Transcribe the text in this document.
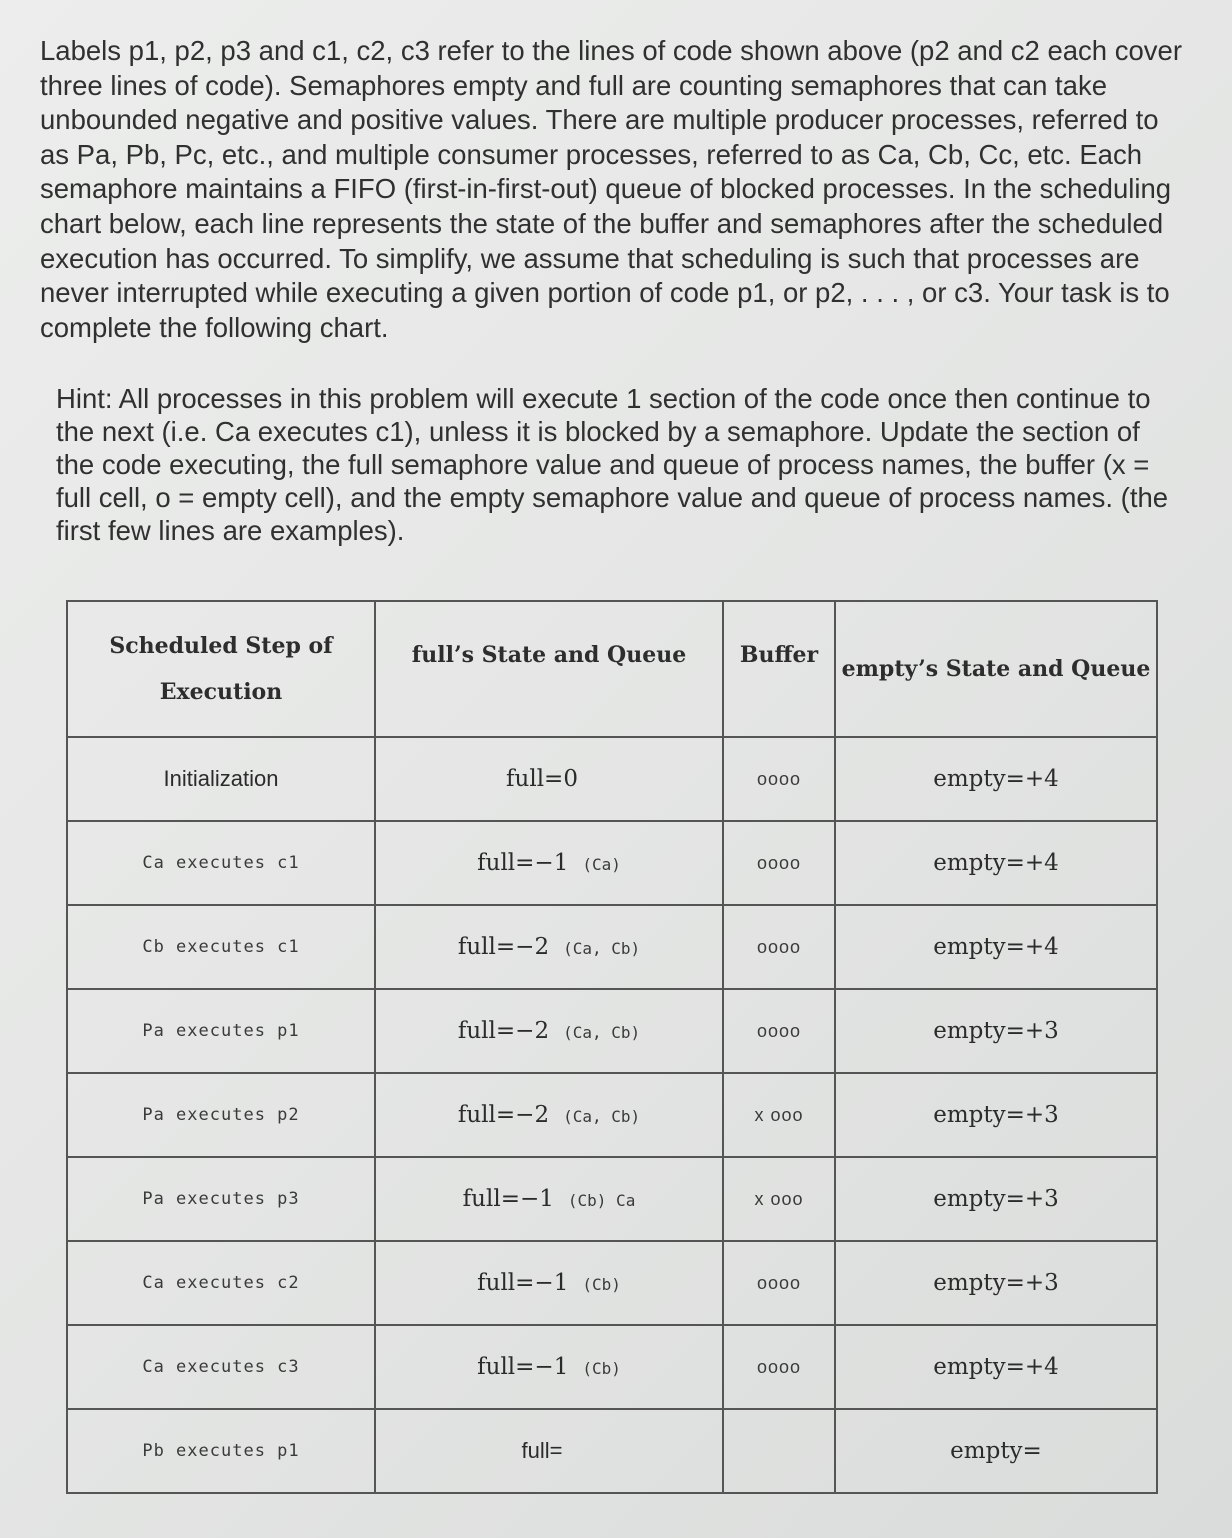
Labels p1, p2, p3 and c1, c2, c3 refer to the lines of code shown above (p2 and c2 each cover three lines of code). Semaphores empty and full are counting semaphores that can take unbounded negative and positive values. There are multiple producer processes, referred to as Pa, Pb, Pc, etc., and multiple consumer processes, referred to as Ca, Cb, Cc, etc. Each semaphore maintains a FIFO (first-in-first-out) queue of blocked processes. In the scheduling chart below, each line represents the state of the buffer and semaphores after the scheduled execution has occurred. To simplify, we assume that scheduling is such that processes are never interrupted while executing a given portion of code p1, or p2, . . . , or c3. Your task is to complete the following chart.

Hint: All processes in this problem will execute 1 section of the code once then continue to the next (i.e. Ca executes c1), unless it is blocked by a semaphore. Update the section of the code executing, the full semaphore value and queue of process names, the buffer (x = full cell, o = empty cell), and the empty semaphore value and queue of process names. (the first few lines are examples).

Scheduled Step of Execution	full’s State and Queue	Buffer	empty’s State and Queue
Initialization	full=0	oooo	empty=+4
Ca executes c1	full=−1 (Ca)	oooo	empty=+4
Cb executes c1	full=−2 (Ca, Cb)	oooo	empty=+4
Pa executes p1	full=−2 (Ca, Cb)	oooo	empty=+3
Pa executes p2	full=−2 (Ca, Cb)	x ooo	empty=+3
Pa executes p3	full=−1 (Cb) Ca	x ooo	empty=+3
Ca executes c2	full=−1 (Cb)	oooo	empty=+3
Ca executes c3	full=−1 (Cb)	oooo	empty=+4
Pb executes p1	full=		empty=
